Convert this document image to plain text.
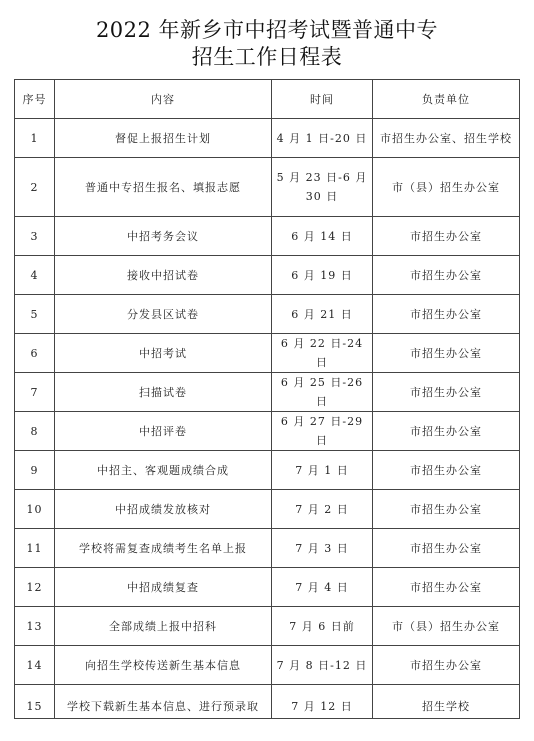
2022 年新乡市中招考试暨普通中专
招生工作日程表
序号	内容	时间	负责单位
1	督促上报招生计划	4 月 1 日-20 日	市招生办公室、招生学校
2	普通中专招生报名、填报志愿	5 月 23 日-6 月 30 日	市（县）招生办公室
3	中招考务会议	6 月 14 日	市招生办公室
4	接收中招试卷	6 月 19 日	市招生办公室
5	分发县区试卷	6 月 21 日	市招生办公室
6	中招考试	6 月 22 日-24 日	市招生办公室
7	扫描试卷	6 月 25 日-26 日	市招生办公室
8	中招评卷	6 月 27 日-29 日	市招生办公室
9	中招主、客观题成绩合成	7 月 1 日	市招生办公室
10	中招成绩发放核对	7 月 2 日	市招生办公室
11	学校将需复查成绩考生名单上报	7 月 3 日	市招生办公室
12	中招成绩复查	7 月 4 日	市招生办公室
13	全部成绩上报中招科	7 月 6 日前	市（县）招生办公室
14	向招生学校传送新生基本信息	7 月 8 日-12 日	市招生办公室
15	学校下载新生基本信息、进行预录取	7 月 12 日	招生学校
